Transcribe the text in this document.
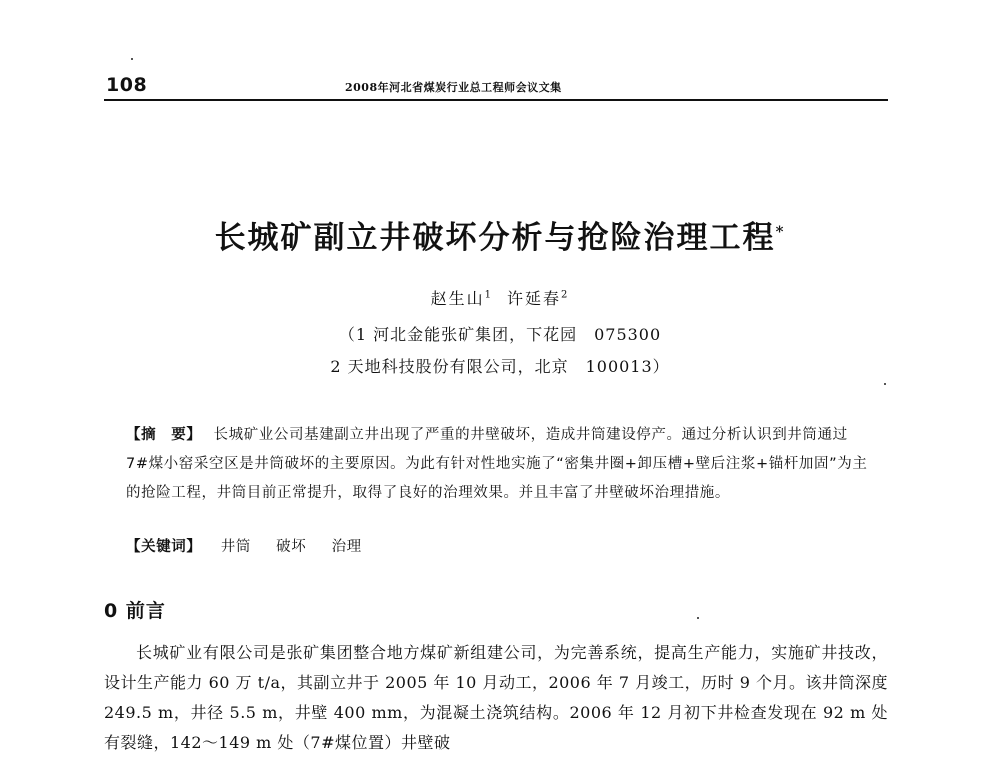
108	2008年河北省煤炭行业总工程师会议文集
长城矿副立井破坏分析与抢险治理工程*
赵生山$^1$ 许延春$^2$
（1 河北金能张矿集团，下花园　075300
2 天地科技股份有限公司，北京　100013）
【摘　要】 长城矿业公司基建副立井出现了严重的井壁破坏，造成井筒建设停产。通过分析认识到井筒通过 7#煤小窑采空区是井筒破坏的主要原因。为此有针对性地实施了“密集井圈+卸压槽+壁后注浆+锚杆加固”为主的抢险工程，井筒目前正常提升，取得了良好的治理效果。并且丰富了井壁破坏治理措施。
【关键词】 井筒 破坏 治理
0 前言
长城矿业有限公司是张矿集团整合地方煤矿新组建公司，为完善系统，提高生产能力，实施矿井技改，设计生产能力 60 万 t/a，其副立井于 2005 年 10 月动工，2006 年 7 月竣工，历时 9 个月。该井筒深度 249.5 m，井径 5.5 m，井壁 400 mm，为混凝土浇筑结构。2006 年 12 月初下井检查发现在 92 m 处有裂缝，142～149 m 处（7#煤位置）井壁破
